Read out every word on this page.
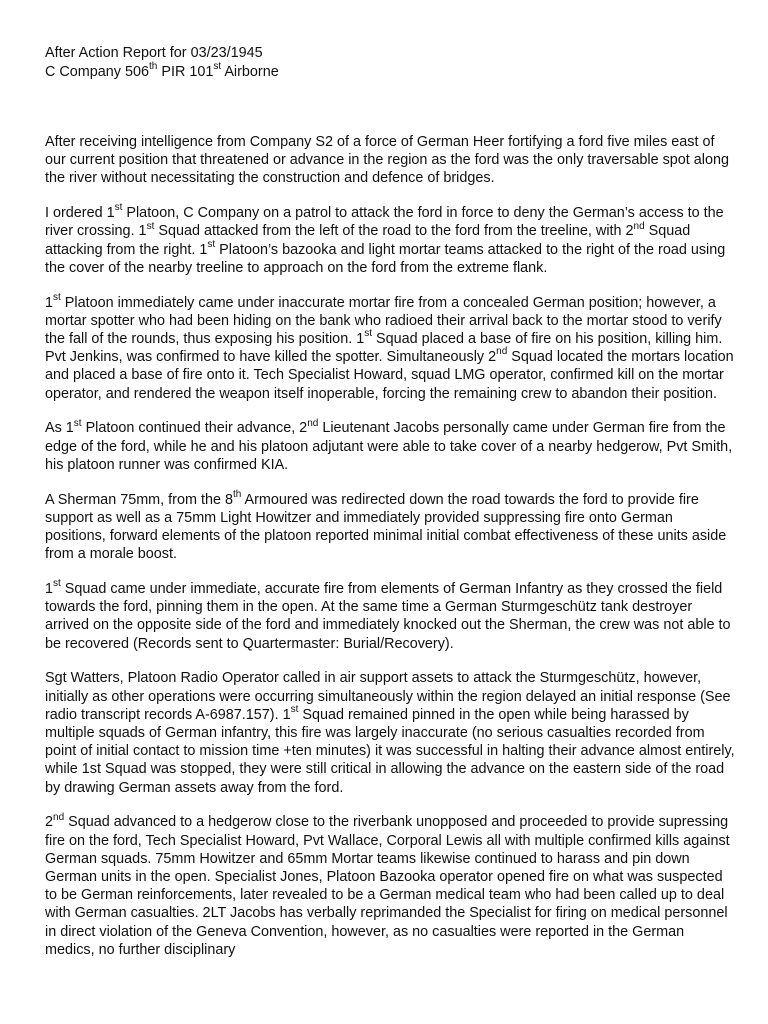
After Action Report for 03/23/1945
C Company 506th PIR 101st Airborne

After receiving intelligence from Company S2 of a force of German Heer fortifying a ford five miles east of our current position that threatened or advance in the region as the ford was the only traversable spot along the river without necessitating the construction and defence of bridges.

I ordered 1st Platoon, C Company on a patrol to attack the ford in force to deny the German’s access to the river crossing. 1st Squad attacked from the left of the road to the ford from the treeline, with 2nd Squad attacking from the right. 1st Platoon’s bazooka and light mortar teams attacked to the right of the road using the cover of the nearby treeline to approach on the ford from the extreme flank.

1st Platoon immediately came under inaccurate mortar fire from a concealed German position; however, a mortar spotter who had been hiding on the bank who radioed their arrival back to the mortar stood to verify the fall of the rounds, thus exposing his position. 1st Squad placed a base of fire on his position, killing him. Pvt Jenkins, was confirmed to have killed the spotter. Simultaneously 2nd Squad located the mortars location and placed a base of fire onto it. Tech Specialist Howard, squad LMG operator, confirmed kill on the mortar operator, and rendered the weapon itself inoperable, forcing the remaining crew to abandon their position.

As 1st Platoon continued their advance, 2nd Lieutenant Jacobs personally came under German fire from the edge of the ford, while he and his platoon adjutant were able to take cover of a nearby hedgerow, Pvt Smith, his platoon runner was confirmed KIA.

A Sherman 75mm, from the 8th Armoured was redirected down the road towards the ford to provide fire support as well as a 75mm Light Howitzer and immediately provided suppressing fire onto German positions, forward elements of the platoon reported minimal initial combat effectiveness of these units aside from a morale boost.

1st Squad came under immediate, accurate fire from elements of German Infantry as they crossed the field towards the ford, pinning them in the open. At the same time a German Sturmgeschütz tank destroyer arrived on the opposite side of the ford and immediately knocked out the Sherman, the crew was not able to be recovered (Records sent to Quartermaster: Burial/Recovery).

Sgt Watters, Platoon Radio Operator called in air support assets to attack the Sturmgeschütz, however, initially as other operations were occurring simultaneously within the region delayed an initial response (See radio transcript records A-6987.157). 1st Squad remained pinned in the open while being harassed by multiple squads of German infantry, this fire was largely inaccurate (no serious casualties recorded from point of initial contact to mission time +ten minutes) it was successful in halting their advance almost entirely, while 1st Squad was stopped, they were still critical in allowing the advance on the eastern side of the road by drawing German assets away from the ford.

2nd Squad advanced to a hedgerow close to the riverbank unopposed and proceeded to provide supressing fire on the ford, Tech Specialist Howard, Pvt Wallace, Corporal Lewis all with multiple confirmed kills against German squads. 75mm Howitzer and 65mm Mortar teams likewise continued to harass and pin down German units in the open. Specialist Jones, Platoon Bazooka operator opened fire on what was suspected to be German reinforcements, later revealed to be a German medical team who had been called up to deal with German casualties. 2LT Jacobs has verbally reprimanded the Specialist for firing on medical personnel in direct violation of the Geneva Convention, however, as no casualties were reported in the German medics, no further disciplinary
